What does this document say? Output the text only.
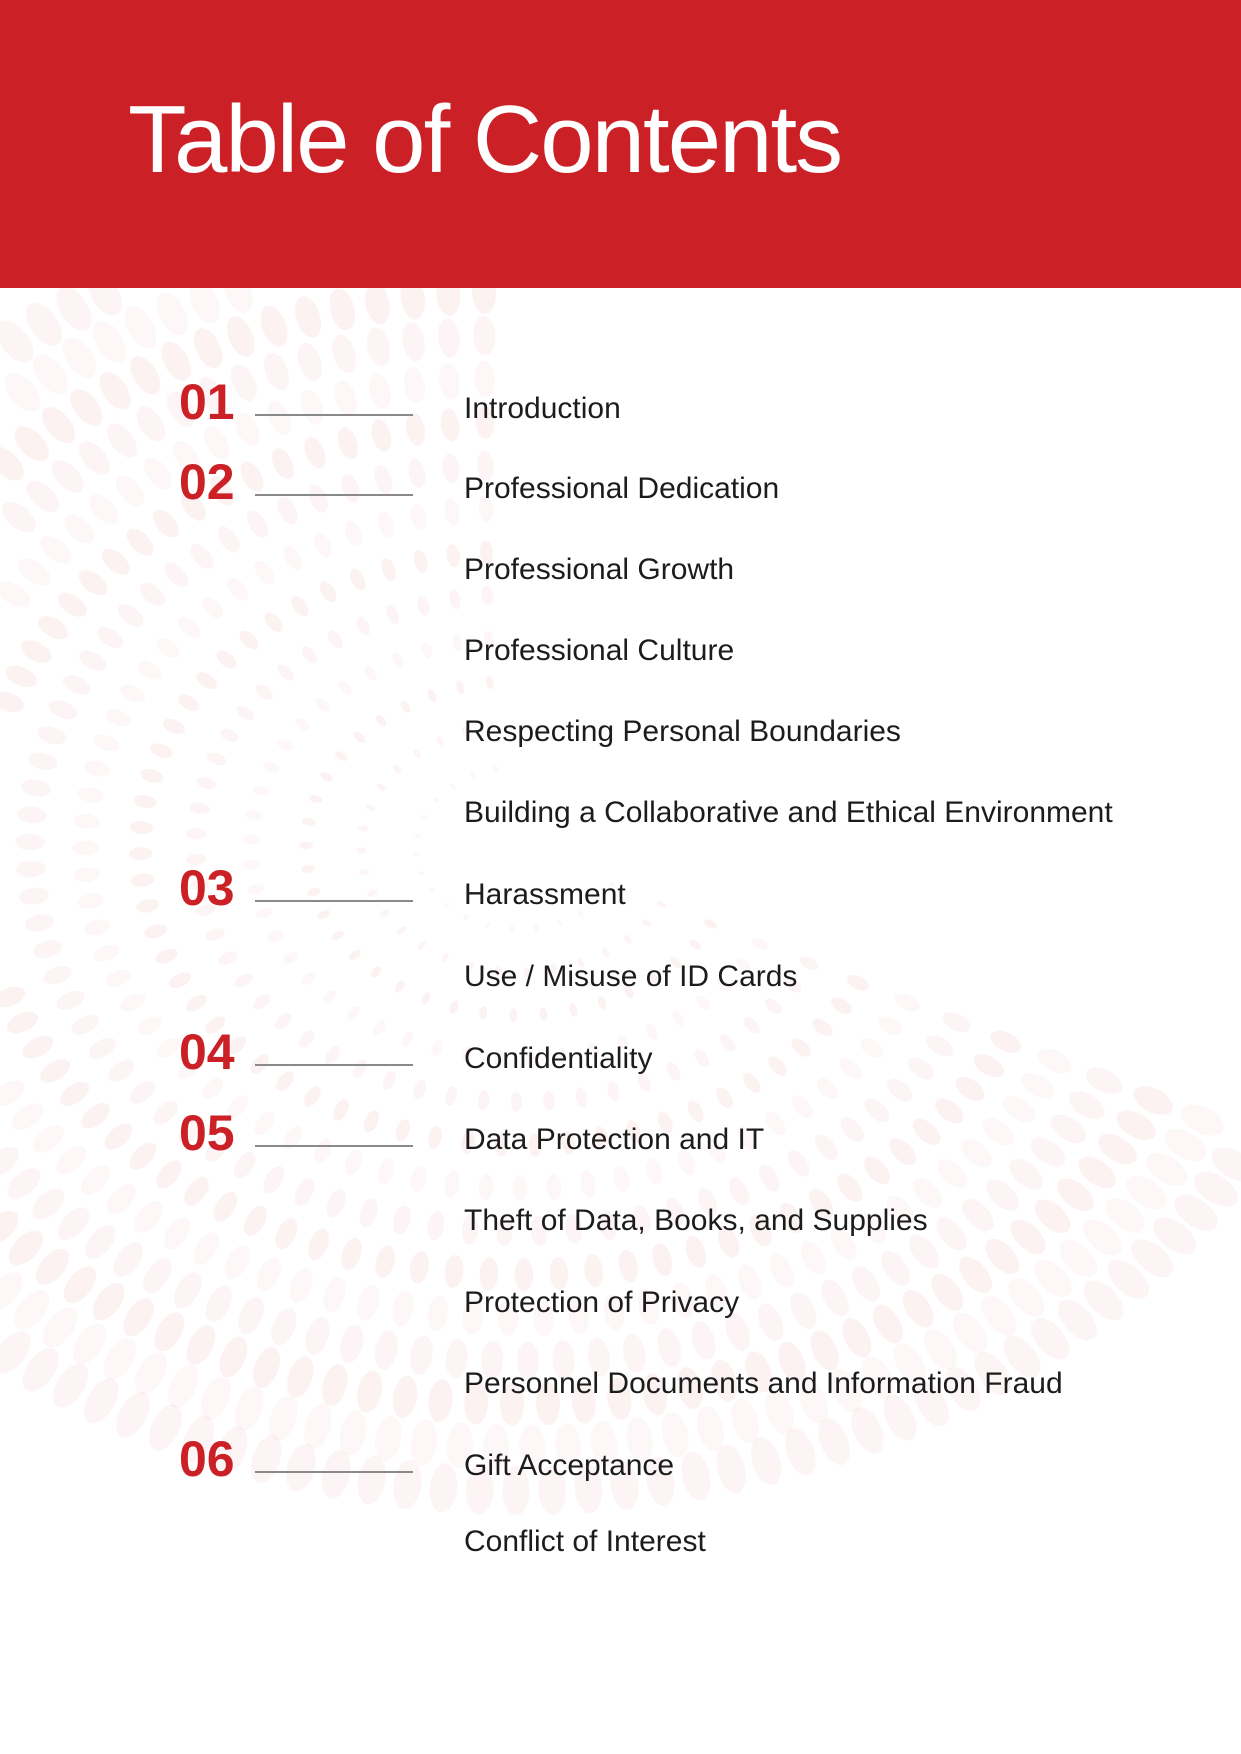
Table of Contents
01
02
03
04
05
06
Introduction
Professional Dedication
Professional Growth
Professional Culture
Respecting Personal Boundaries
Building a Collaborative and Ethical Environment
Harassment
Use / Misuse of ID Cards
Confidentiality
Data Protection and IT
Theft of Data, Books, and Supplies
Protection of Privacy
Personnel Documents and Information Fraud
Gift Acceptance
Conflict of Interest
